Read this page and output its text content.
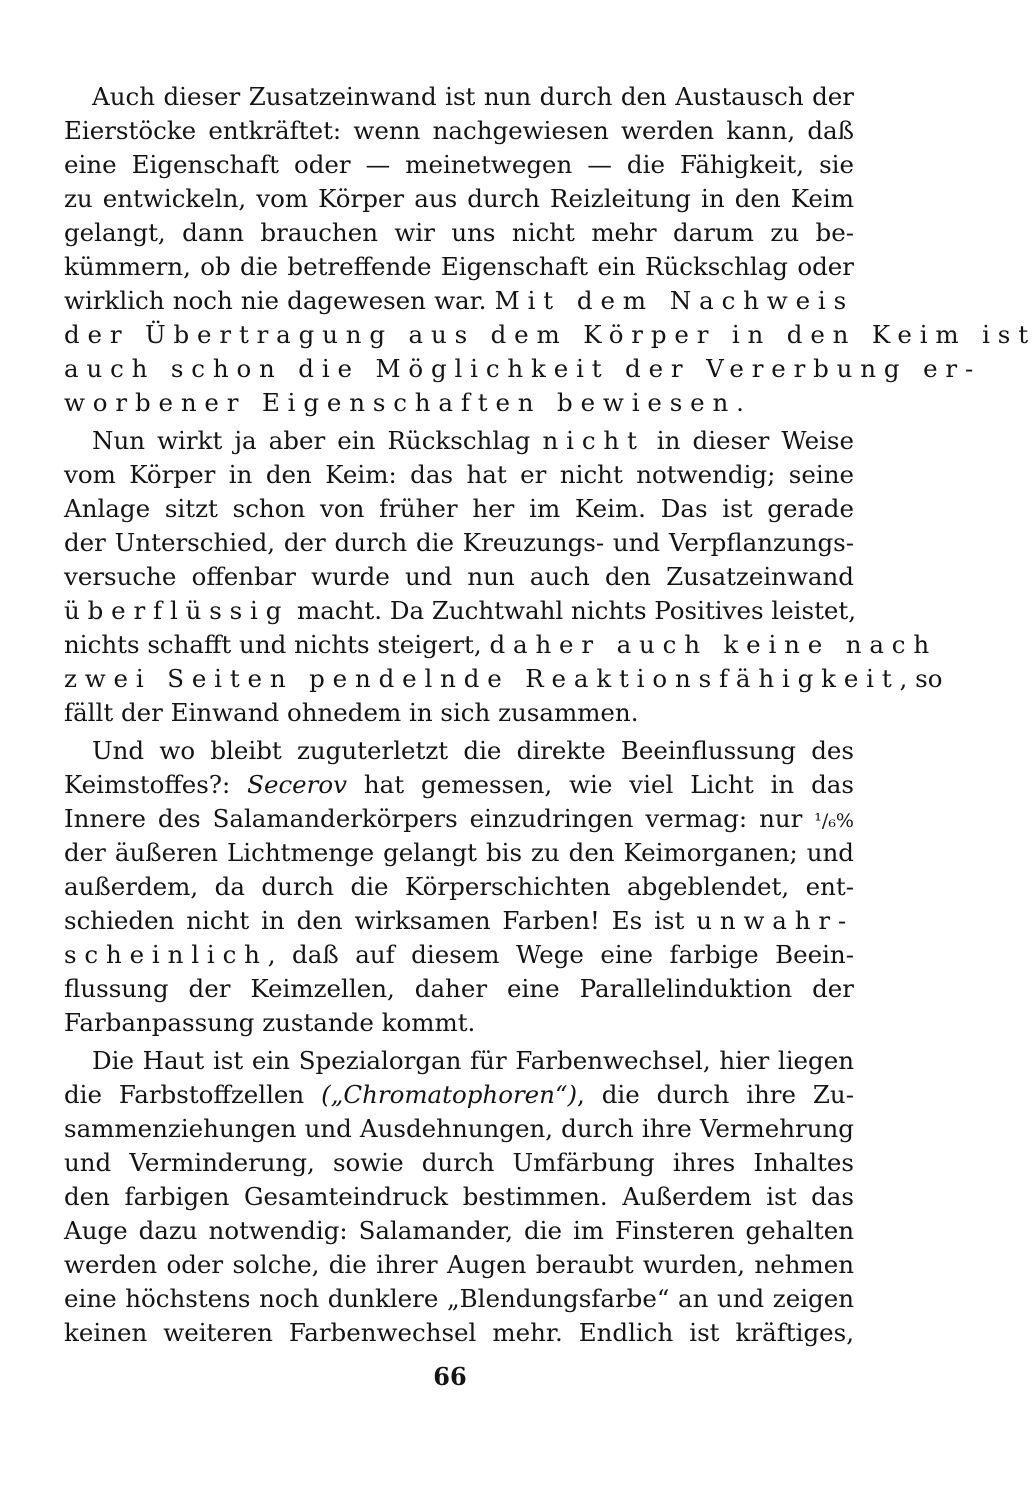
Auch dieser Zusatzeinwand ist nun durch den Austausch der
Eierstöcke entkräftet: wenn nachgewiesen werden kann, daß
eine Eigenschaft oder — meinetwegen — die Fähigkeit, sie
zu entwickeln, vom Körper aus durch Reizleitung in den Keim
gelangt, dann brauchen wir uns nicht mehr darum zu be-
kümmern, ob die betreffende Eigenschaft ein Rückschlag oder
wirklich noch nie dagewesen war. Mit dem Nachweis
der Übertragung aus dem Körper in den Keim ist
auch schon die Möglichkeit der Vererbung er-
worbener Eigenschaften bewiesen.

Nun wirkt ja aber ein Rückschlag nicht in dieser Weise
vom Körper in den Keim: das hat er nicht notwendig; seine
Anlage sitzt schon von früher her im Keim. Das ist gerade
der Unterschied, der durch die Kreuzungs- und Verpflanzungs-
versuche offenbar wurde und nun auch den Zusatzeinwand
überflüssig macht. Da Zuchtwahl nichts Positives leistet,
nichts schafft und nichts steigert, daher auch keine nach
zwei Seiten pendelnde Reaktionsfähigkeit, so
fällt der Einwand ohnedem in sich zusammen.

Und wo bleibt zuguterletzt die direkte Beeinflussung des
Keimstoffes?: Secerov hat gemessen, wie viel Licht in das
Innere des Salamanderkörpers einzudringen vermag: nur ¹/₆%
der äußeren Lichtmenge gelangt bis zu den Keimorganen; und
außerdem, da durch die Körperschichten abgeblendet, ent-
schieden nicht in den wirksamen Farben! Es ist unwahr-
scheinlich, daß auf diesem Wege eine farbige Beein-
flussung der Keimzellen, daher eine Parallelinduktion der
Farbanpassung zustande kommt.

Die Haut ist ein Spezialorgan für Farbenwechsel, hier liegen
die Farbstoffzellen („Chromatophoren“), die durch ihre Zu-
sammenziehungen und Ausdehnungen, durch ihre Vermehrung
und Verminderung, sowie durch Umfärbung ihres Inhaltes
den farbigen Gesamteindruck bestimmen. Außerdem ist das
Auge dazu notwendig: Salamander, die im Finsteren gehalten
werden oder solche, die ihrer Augen beraubt wurden, nehmen
eine höchstens noch dunklere „Blendungsfarbe“ an und zeigen
keinen weiteren Farbenwechsel mehr. Endlich ist kräftiges,

66
